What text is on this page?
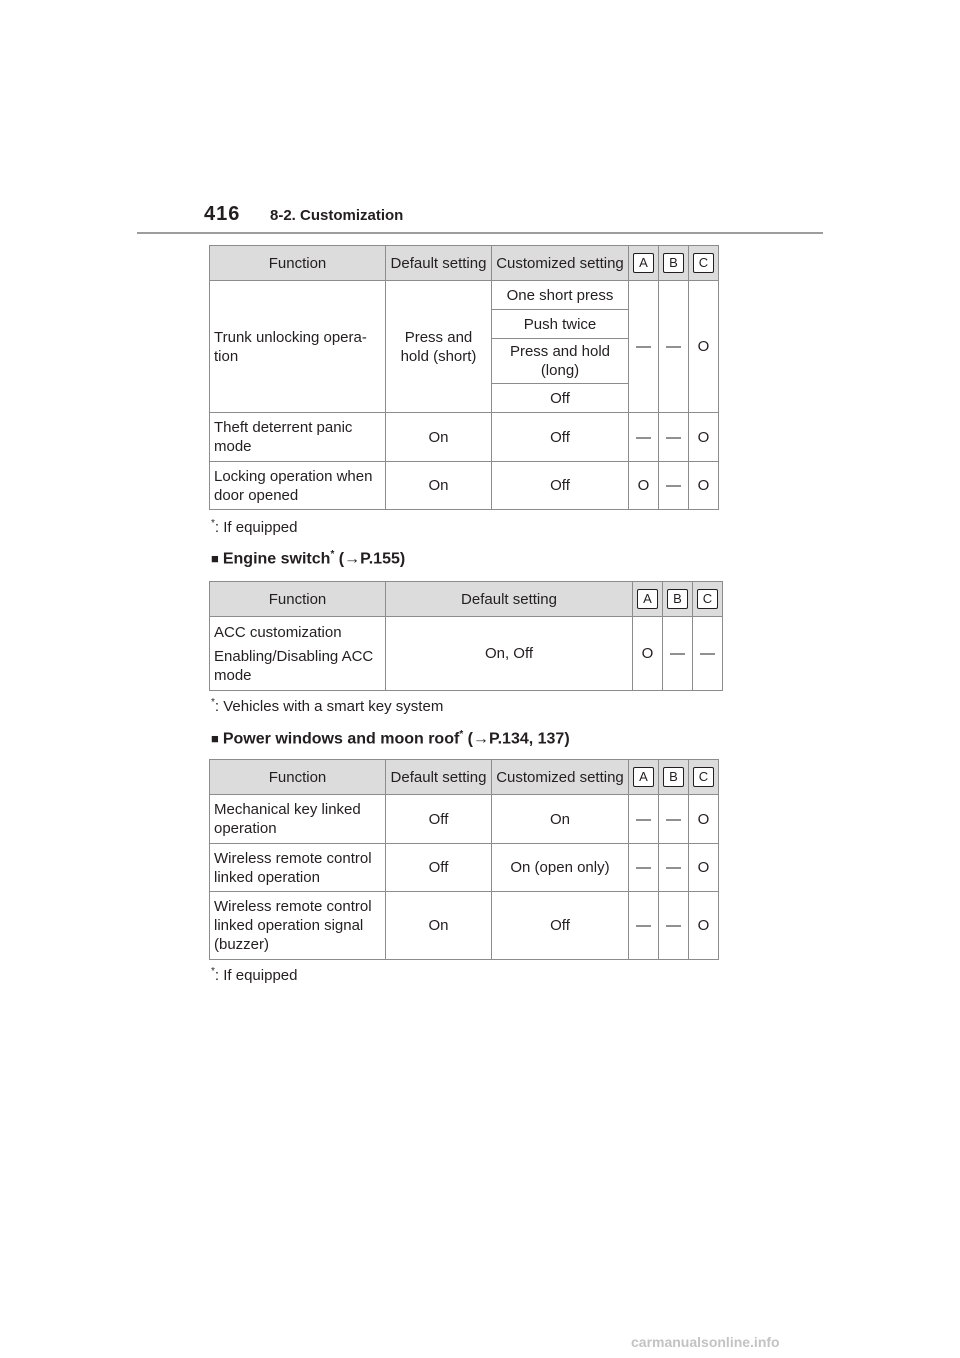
416	8-2. Customization
Function	Default setting	Customized setting	A	B	C
Trunk unlocking opera-tion	Press and hold (short)	One short press	—	—	O
		Push twice			
		Press and hold (long)			
		Off			
Theft deterrent panic mode	On	Off	—	—	O
Locking operation when door opened	On	Off	O	—	O
*: If equipped
■ Engine switch* (→P.155)
Function	Default setting	A	B	C

ACC customization
Enabling/Disabling ACC mode	On, Off	O	—	—
*: Vehicles with a smart key system
■ Power windows and moon roof* (→P.134, 137)
Function	Default setting	Customized setting	A	B	C
Mechanical key linked operation	Off	On	—	—	O
Wireless remote control linked operation	Off	On (open only)	—	—	O
Wireless remote control linked operation signal (buzzer)	On	Off	—	—	O
*: If equipped
carmanualsonline.info
